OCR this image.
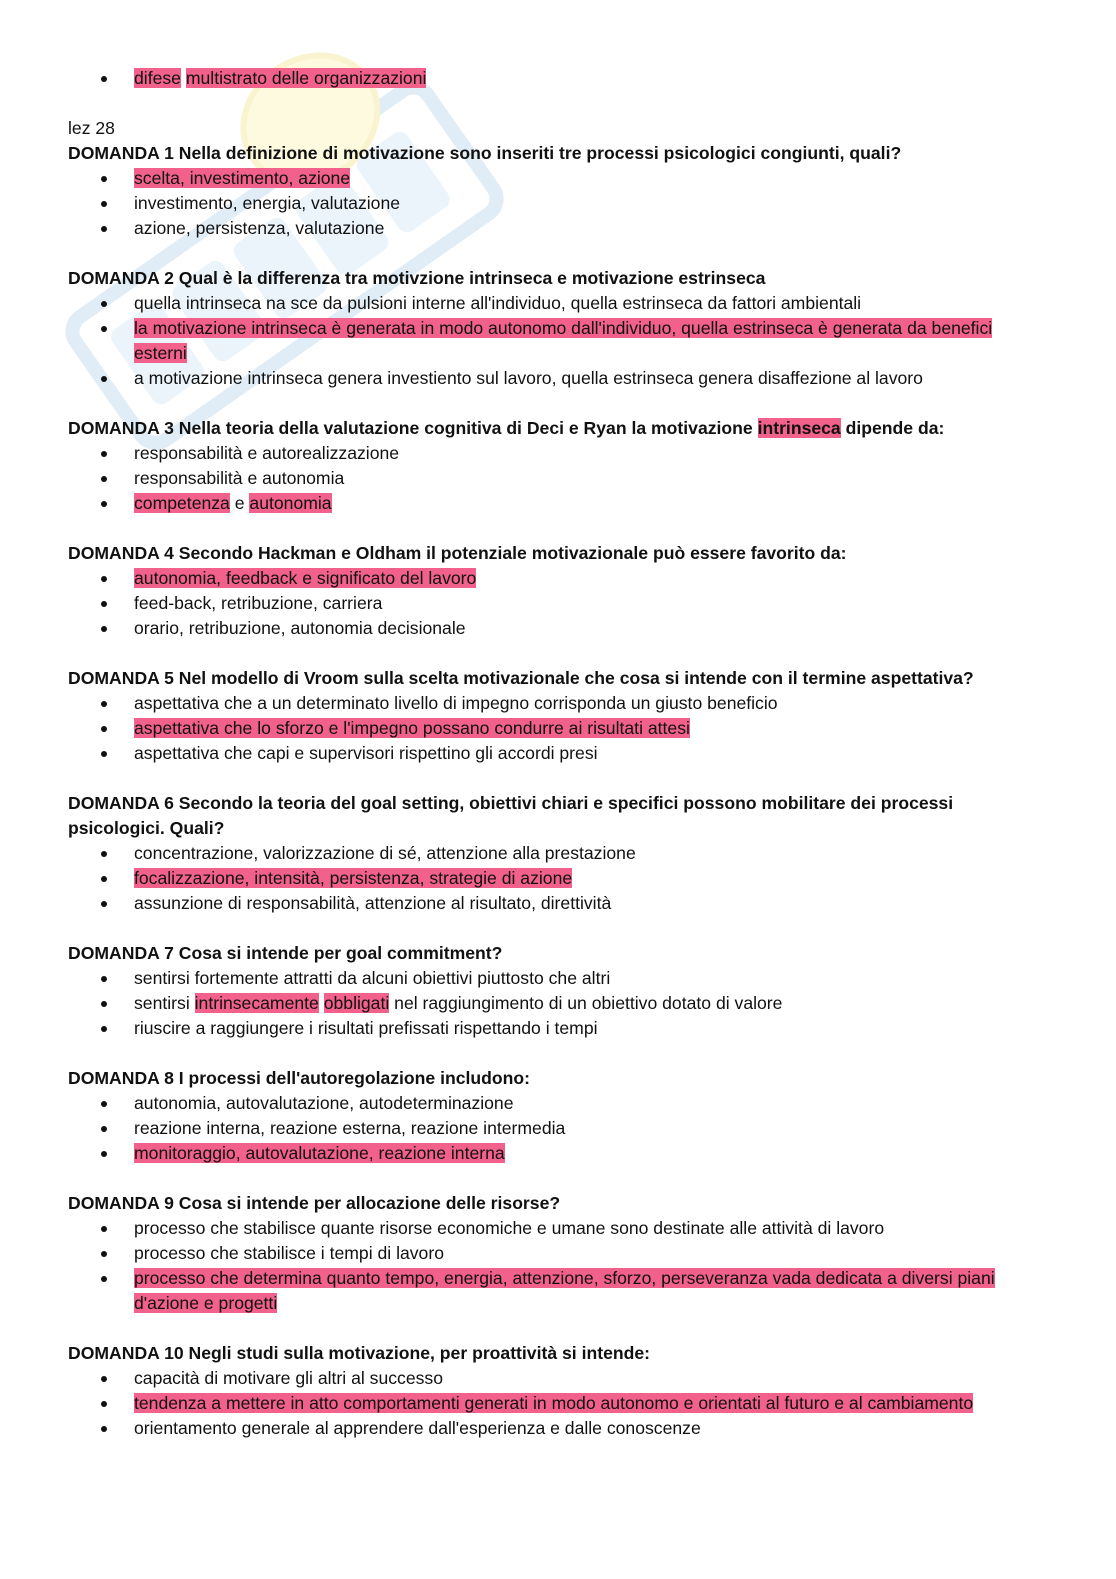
difese multistrato delle organizzazioni
lez 28
DOMANDA 1 Nella definizione di motivazione sono inseriti tre processi psicologici congiunti, quali?
scelta, investimento, azione
investimento, energia, valutazione
azione, persistenza, valutazione
DOMANDA 2 Qual è la differenza tra motivzione intrinseca e motivazione estrinseca
quella intrinseca na sce da pulsioni interne all'individuo, quella estrinseca da fattori ambientali
la motivazione intrinseca è generata in modo autonomo dall'individuo, quella estrinseca è generata da benefici esterni
a motivazione intrinseca genera investiento sul lavoro, quella estrinseca genera disaffezione al lavoro
DOMANDA 3 Nella teoria della valutazione cognitiva di Deci e Ryan la motivazione intrinseca dipende da:
responsabilità e autorealizzazione
responsabilità e autonomia
competenza e autonomia
DOMANDA 4 Secondo Hackman e Oldham il potenziale motivazionale può essere favorito da:
autonomia, feedback e significato del lavoro
feed-back, retribuzione, carriera
orario, retribuzione, autonomia decisionale
DOMANDA 5 Nel modello di Vroom sulla scelta motivazionale che cosa si intende con il termine aspettativa?
aspettativa che a un determinato livello di impegno corrisponda un giusto beneficio
aspettativa che lo sforzo e l'impegno possano condurre ai risultati attesi
aspettativa che capi e supervisori rispettino gli accordi presi
DOMANDA 6 Secondo la teoria del goal setting, obiettivi chiari e specifici possono mobilitare dei processi psicologici. Quali?
concentrazione, valorizzazione di sé, attenzione alla prestazione
focalizzazione, intensità, persistenza, strategie di azione
assunzione di responsabilità, attenzione al risultato, direttività
DOMANDA 7 Cosa si intende per goal commitment?
sentirsi fortemente attratti da alcuni obiettivi piuttosto che altri
sentirsi intrinsecamente obbligati nel raggiungimento di un obiettivo dotato di valore
riuscire a raggiungere i risultati prefissati rispettando i tempi
DOMANDA 8 I processi dell'autoregolazione includono:
autonomia, autovalutazione, autodeterminazione
reazione interna, reazione esterna, reazione intermedia
monitoraggio, autovalutazione, reazione interna
DOMANDA 9 Cosa si intende per allocazione delle risorse?
processo che stabilisce quante risorse economiche e umane sono destinate alle attività di lavoro
processo che stabilisce i tempi di lavoro
processo che determina quanto tempo, energia, attenzione, sforzo, perseveranza vada dedicata a diversi piani d'azione e progetti
DOMANDA 10 Negli studi sulla motivazione, per proattività si intende:
capacità di motivare gli altri al successo
tendenza a mettere in atto comportamenti generati in modo autonomo e orientati al futuro e al cambiamento
orientamento generale al apprendere dall'esperienza e dalle conoscenze
